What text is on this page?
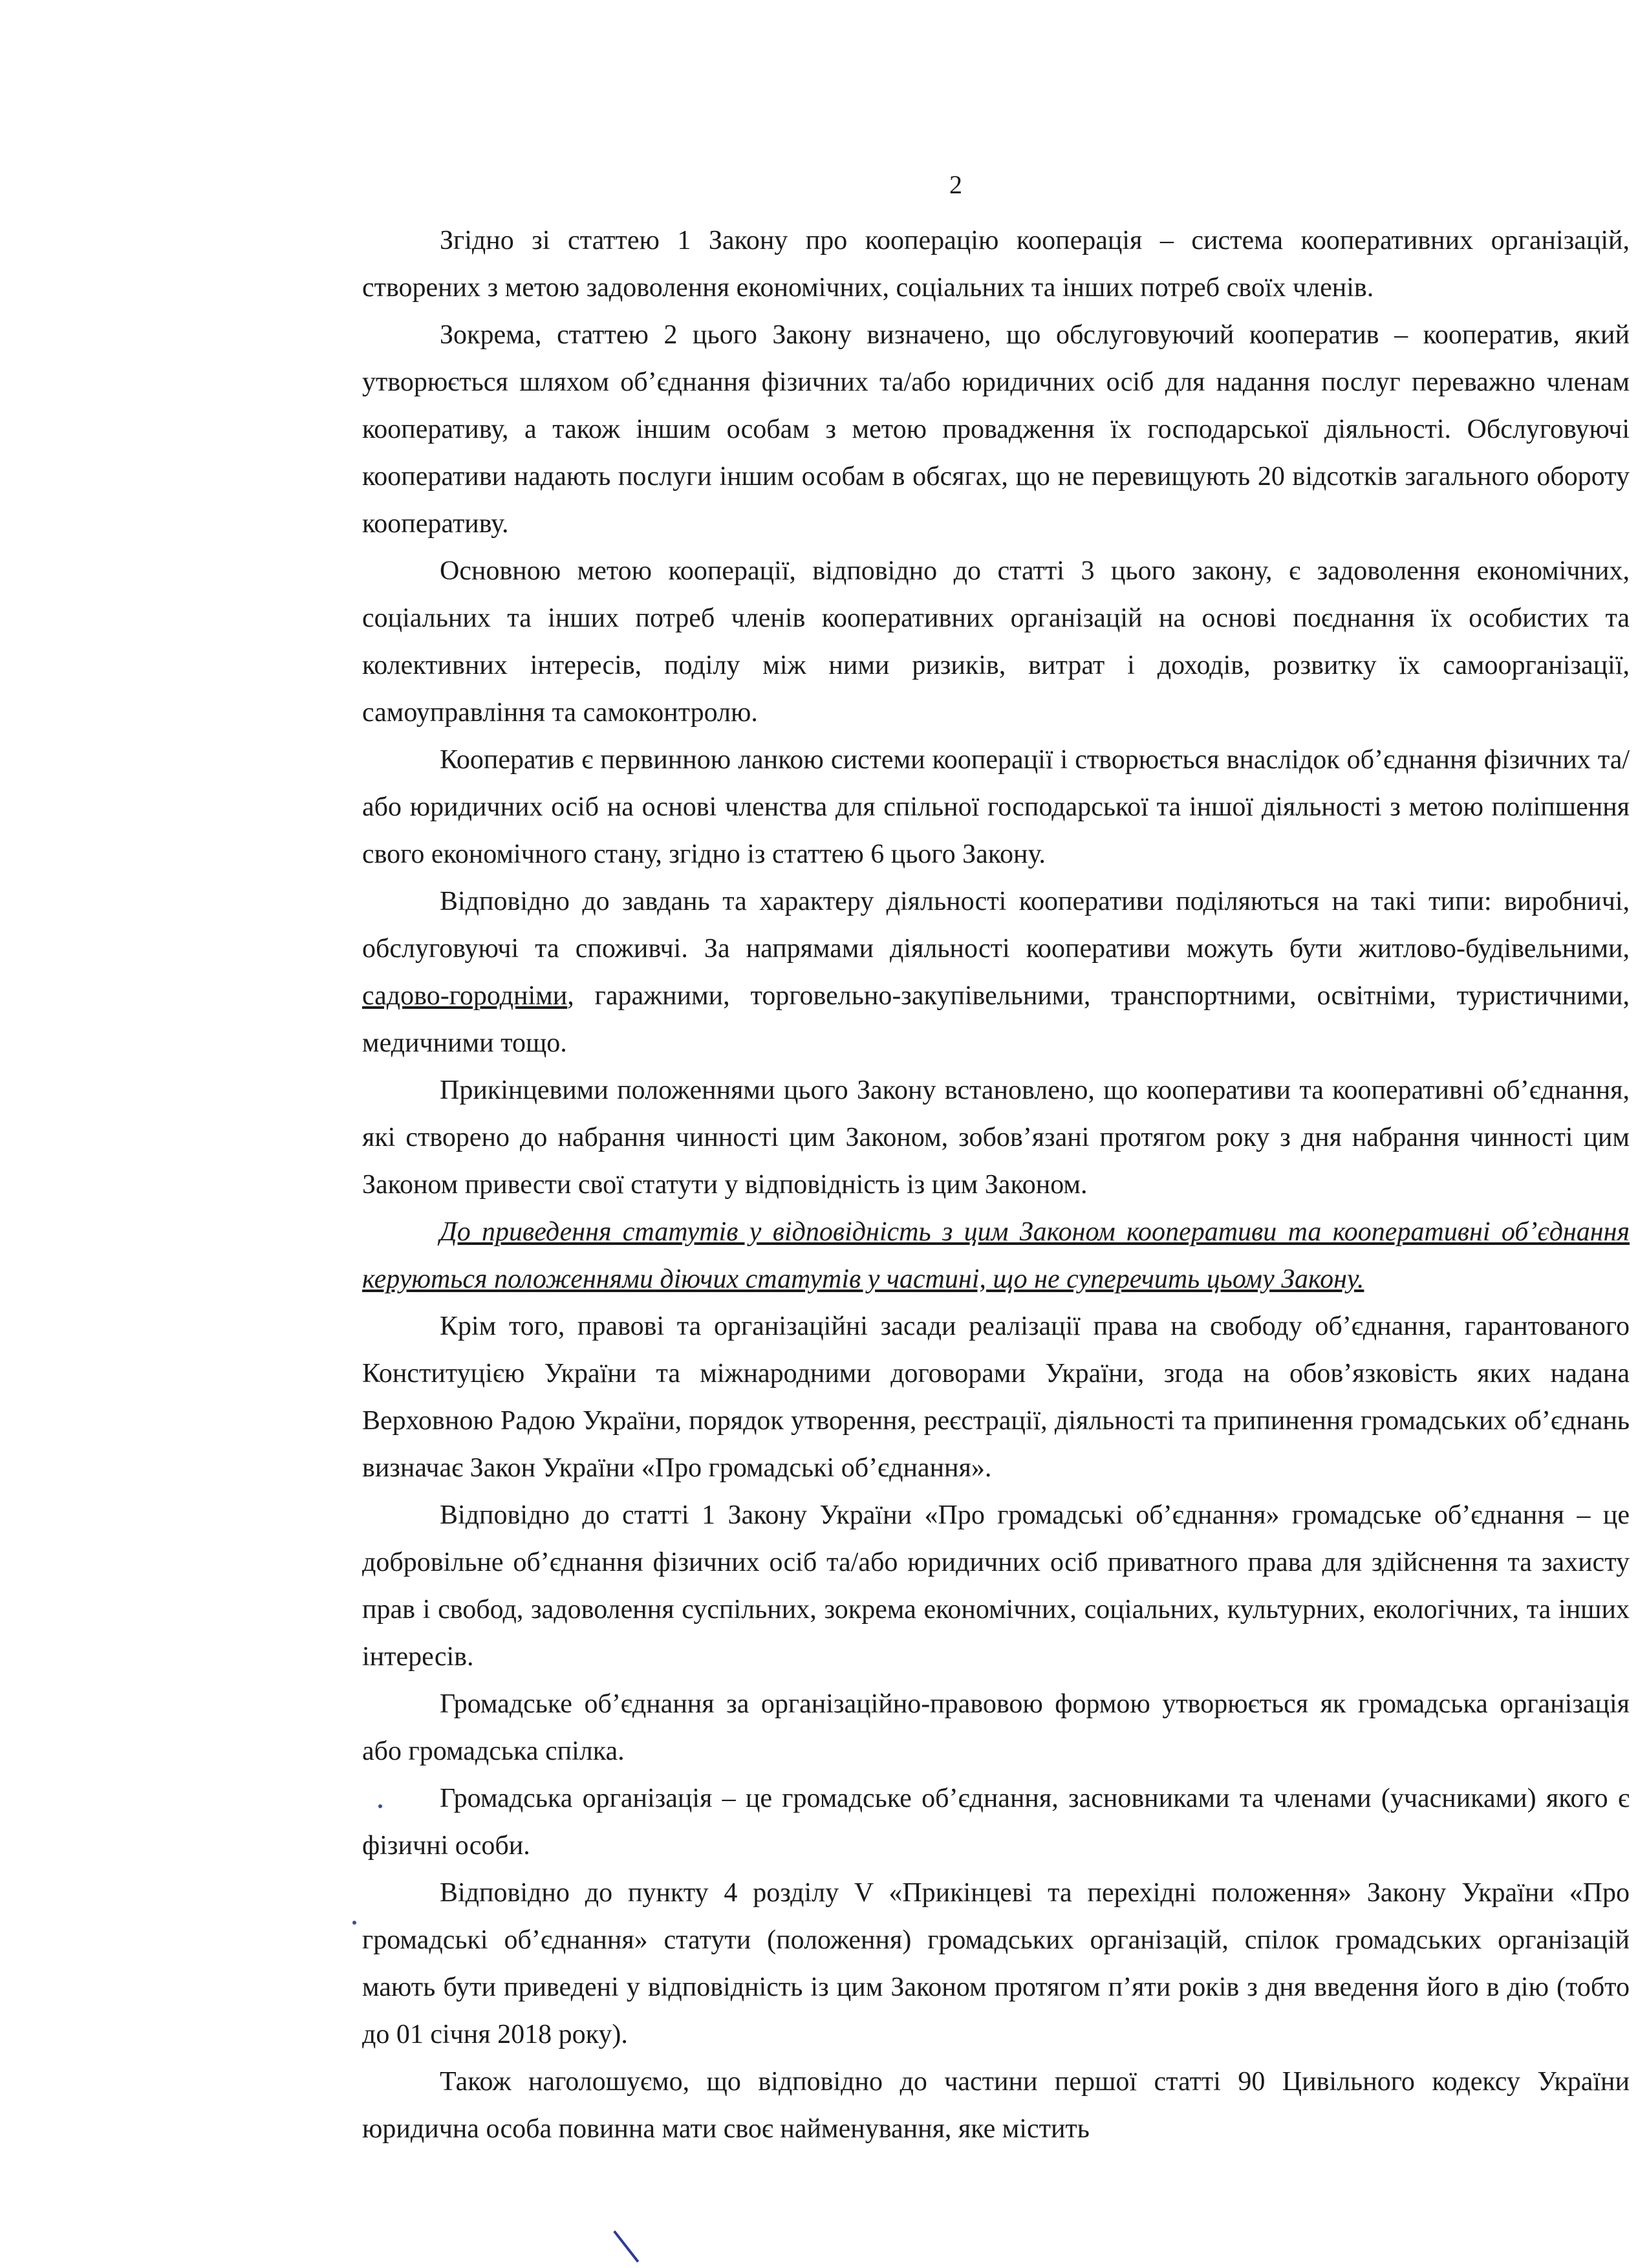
2

Згідно зі статтею 1 Закону про кооперацію кооперація – система кооперативних організацій, створених з метою задоволення економічних, соціальних та інших потреб своїх членів.

Зокрема, статтею 2 цього Закону визначено, що обслуговуючий кооператив – кооператив, який утворюється шляхом об’єднання фізичних та/або юридичних осіб для надання послуг переважно членам кооперативу, а також іншим особам з метою провадження їх господарської діяльності. Обслуговуючі кооперативи надають послуги іншим особам в обсягах, що не перевищують 20 відсотків загального обороту кооперативу.

Основною метою кооперації, відповідно до статті 3 цього закону, є задоволення економічних, соціальних та інших потреб членів кооперативних організацій на основі поєднання їх особистих та колективних інтересів, поділу між ними ризиків, витрат і доходів, розвитку їх самоорганізації, самоуправління та самоконтролю.

Кооператив є первинною ланкою системи кооперації і створюється внаслідок об’єднання фізичних та/або юридичних осіб на основі членства для спільної господарської та іншої діяльності з метою поліпшення свого економічного стану, згідно із статтею 6 цього Закону.

Відповідно до завдань та характеру діяльності кооперативи поділяються на такі типи: виробничі, обслуговуючі та споживчі. За напрямами діяльності кооперативи можуть бути житлово-будівельними, садово-городніми, гаражними, торговельно-закупівельними, транспортними, освітніми, туристичними, медичними тощо.

Прикінцевими положеннями цього Закону встановлено, що кооперативи та кооперативні об’єднання, які створено до набрання чинності цим Законом, зобов’язані протягом року з дня набрання чинності цим Законом привести свої статути у відповідність із цим Законом.

До приведення статутів у відповідність з цим Законом кооперативи та кооперативні об’єднання керуються положеннями діючих статутів у частині, що не суперечить цьому Закону.

Крім того, правові та організаційні засади реалізації права на свободу об’єднання, гарантованого Конституцією України та міжнародними договорами України, згода на обов’язковість яких надана Верховною Радою України, порядок утворення, реєстрації, діяльності та припинення громадських об’єднань визначає Закон України «Про громадські об’єднання».

Відповідно до статті 1 Закону України «Про громадські об’єднання» громадське об’єднання – це добровільне об’єднання фізичних осіб та/або юридичних осіб приватного права для здійснення та захисту прав і свобод, задоволення суспільних, зокрема економічних, соціальних, культурних, екологічних, та інших інтересів.

Громадське об’єднання за організаційно-правовою формою утворюється як громадська організація або громадська спілка.

Громадська організація – це громадське об’єднання, засновниками та членами (учасниками) якого є фізичні особи.

Відповідно до пункту 4 розділу V «Прикінцеві та перехідні положення» Закону України «Про громадські об’єднання» статути (положення) громадських організацій, спілок громадських організацій мають бути приведені у відповідність із цим Законом протягом п’яти років з дня введення його в дію (тобто до 01 січня 2018 року).

Також наголошуємо, що відповідно до частини першої статті 90 Цивільного кодексу України юридична особа повинна мати своє найменування, яке містить
